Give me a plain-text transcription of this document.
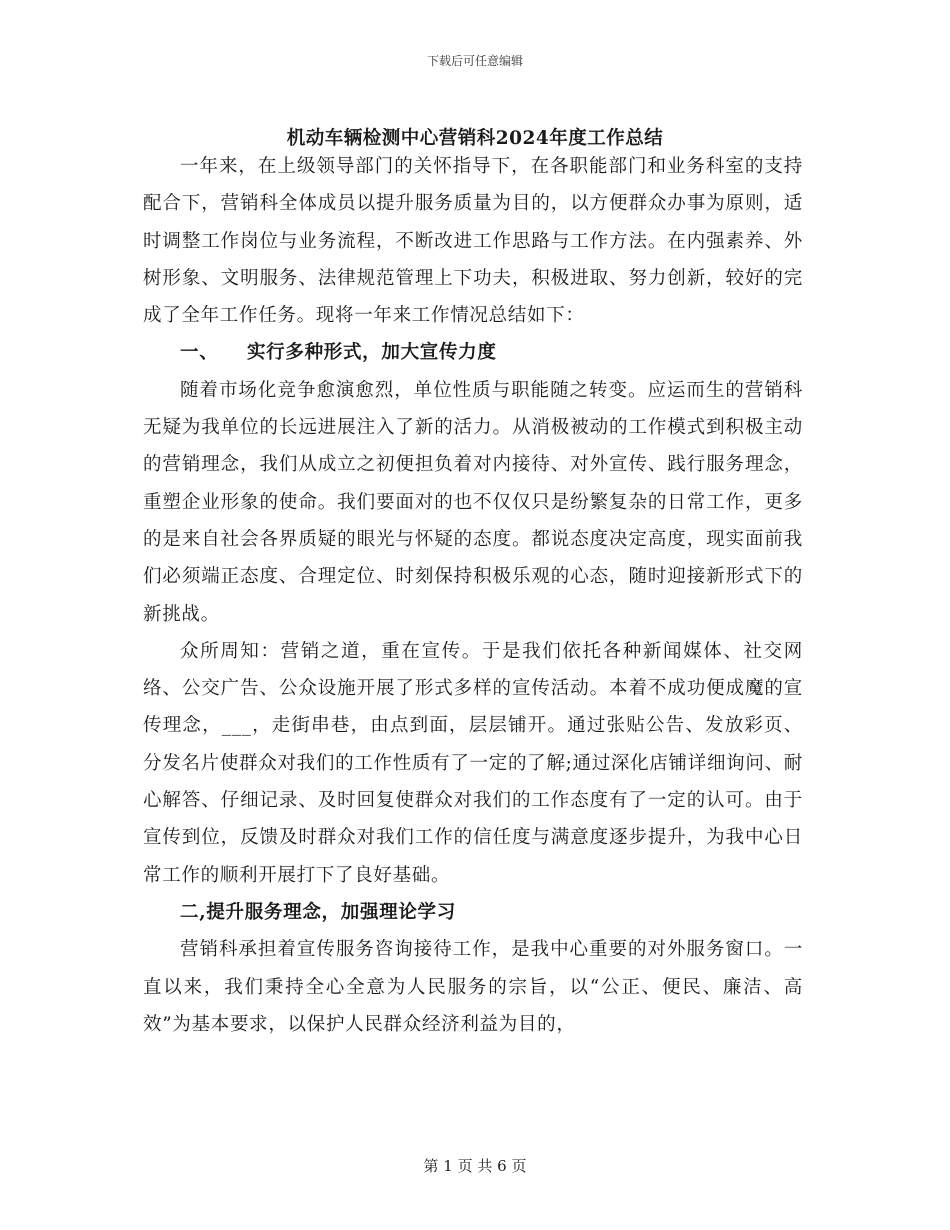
下载后可任意编辑
机动车辆检测中心营销科2024年度工作总结

一年来，在上级领导部门的关怀指导下，在各职能部门和业务科室的支持配合下，营销科全体成员以提升服务质量为目的，以方便群众办事为原则，适时调整工作岗位与业务流程，不断改进工作思路与工作方法。在内强素养、外树形象、文明服务、法律规范管理上下功夫，积极进取、努力创新，较好的完成了全年工作任务。现将一年来工作情况总结如下：

一、    实行多种形式，加大宣传力度

随着市场化竞争愈演愈烈，单位性质与职能随之转变。应运而生的营销科无疑为我单位的长远进展注入了新的活力。从消极被动的工作模式到积极主动的营销理念，我们从成立之初便担负着对内接待、对外宣传、践行服务理念，重塑企业形象的使命。我们要面对的也不仅仅只是纷繁复杂的日常工作，更多的是来自社会各界质疑的眼光与怀疑的态度。都说态度决定高度，现实面前我们必须端正态度、合理定位、时刻保持积极乐观的心态，随时迎接新形式下的新挑战。

众所周知：营销之道，重在宣传。于是我们依托各种新闻媒体、社交网络、公交广告、公众设施开展了形式多样的宣传活动。本着不成功便成魔的宣传理念，___，走街串巷，由点到面，层层铺开。通过张贴公告、发放彩页、分发名片使群众对我们的工作性质有了一定的了解;通过深化店铺详细询问、耐心解答、仔细记录、及时回复使群众对我们的工作态度有了一定的认可。由于宣传到位，反馈及时群众对我们工作的信任度与满意度逐步提升，为我中心日常工作的顺利开展打下了良好基础。

二,提升服务理念，加强理论学习

营销科承担着宣传服务咨询接待工作，是我中心重要的对外服务窗口。一直以来，我们秉持全心全意为人民服务的宗旨，以“公正、便民、廉洁、高效”为基本要求，以保护人民群众经济利益为目的，

第 1 页 共 6 页
